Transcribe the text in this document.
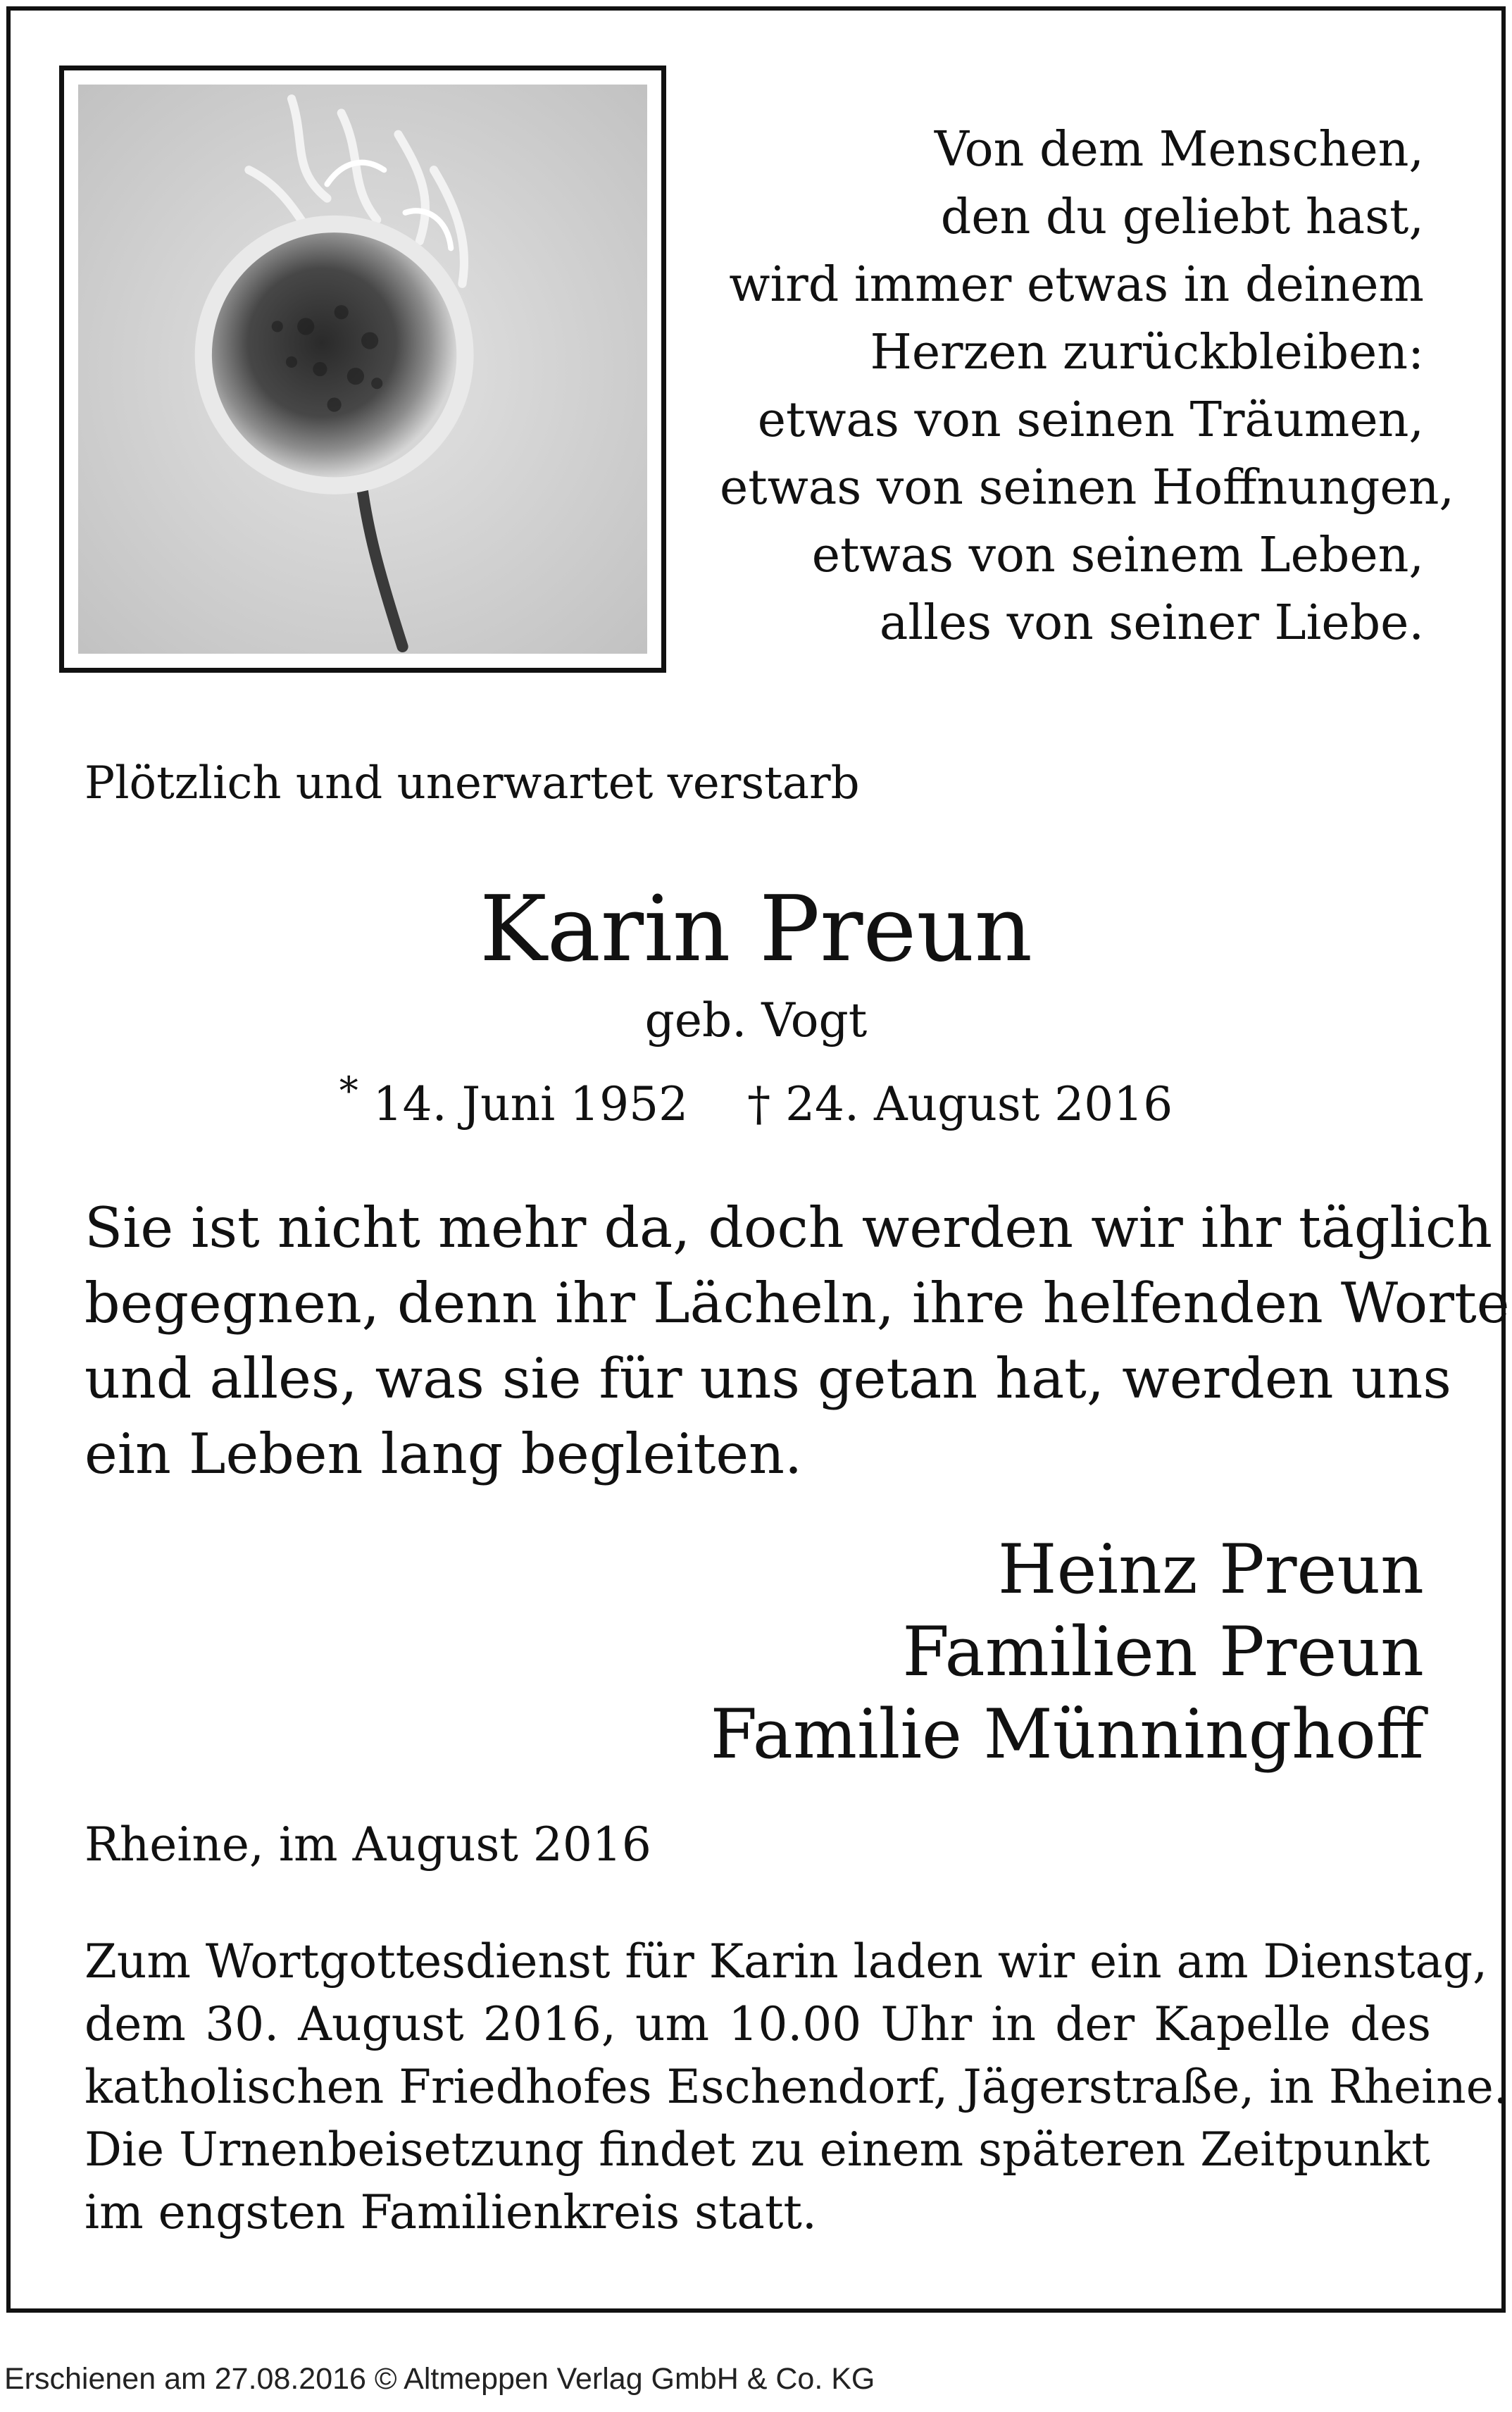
Von dem Menschen,
den du geliebt hast,
wird immer etwas in deinem
Herzen zurückbleiben:
etwas von seinen Träumen,
etwas von seinen Hoffnungen,
etwas von seinem Leben,
alles von seiner Liebe.
Plötzlich und unerwartet verstarb
Karin Preun
geb. Vogt
* 14. Juni 1952 † 24. August 2016
Sie ist nicht mehr da, doch werden wir ihr täglich
begegnen, denn ihr Lächeln, ihre helfenden Worte
und alles, was sie für uns getan hat, werden uns
ein Leben lang begleiten.
Heinz Preun
Familien Preun
Familie Münninghoff
Rheine, im August 2016
Zum Wortgottesdienst für Karin laden wir ein am Dienstag,
dem 30. August 2016, um 10.00 Uhr in der Kapelle des
katholischen Friedhofes Eschendorf, Jägerstraße, in Rheine.
Die Urnenbeisetzung findet zu einem späteren Zeitpunkt
im engsten Familienkreis statt.
Erschienen am 27.08.2016 © Altmeppen Verlag GmbH & Co. KG
